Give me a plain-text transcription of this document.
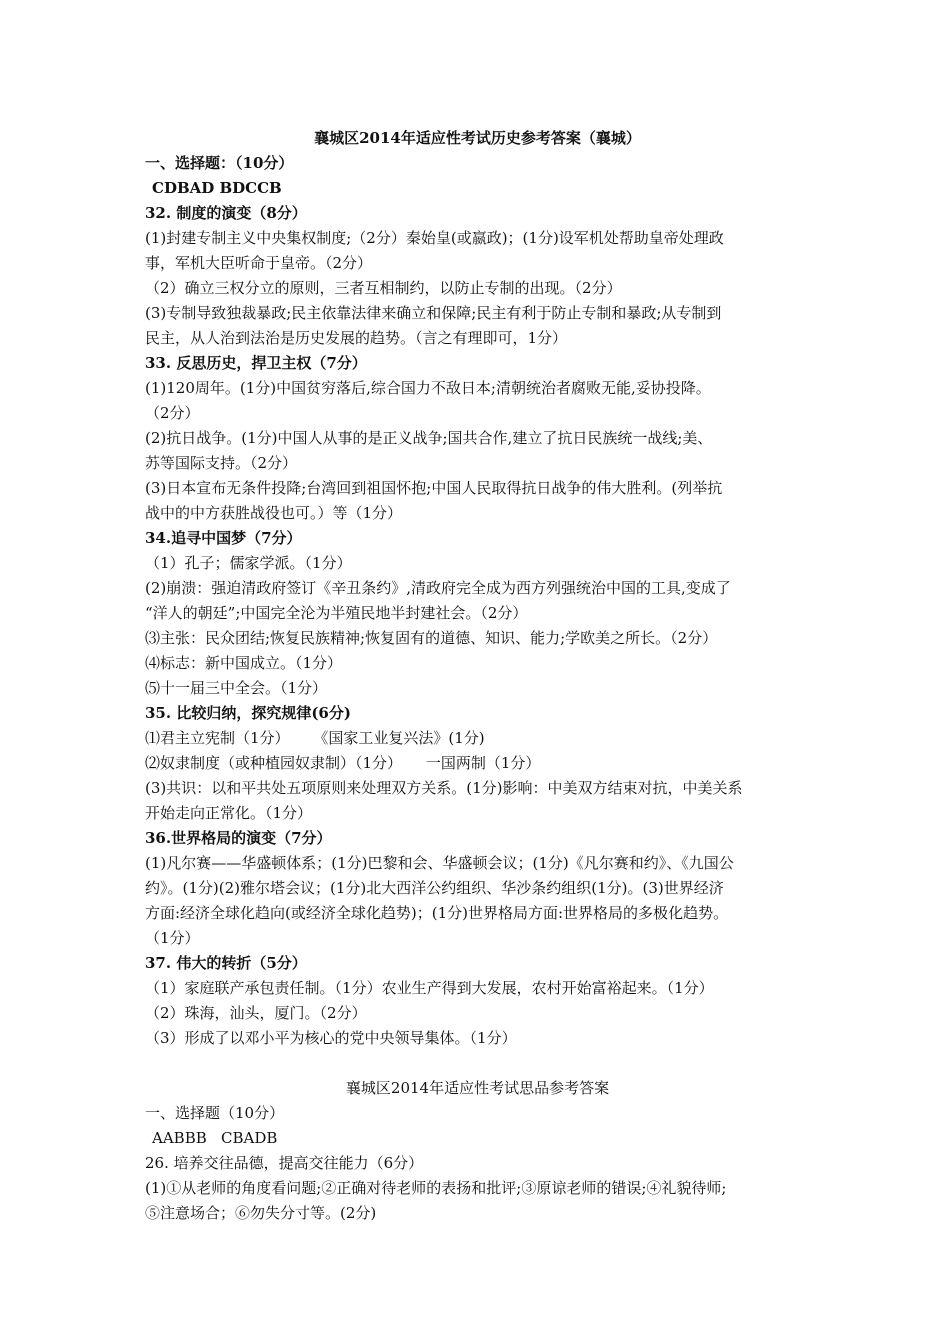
襄城区2014年适应性考试历史参考答案（襄城）
一、选择题：（10分）
CDBAD BDCCB
32. 制度的演变（8分）
(1)封建专制主义中央集权制度;（2分）秦始皇(或嬴政)；(1分)设军机处帮助皇帝处理政
事，军机大臣听命于皇帝。（2分）
（2）确立三权分立的原则，三者互相制约，以防止专制的出现。（2分）
(3)专制导致独裁暴政;民主依靠法律来确立和保障;民主有利于防止专制和暴政;从专制到
民主，从人治到法治是历史发展的趋势。（言之有理即可，1分）
33. 反思历史，捍卫主权（7分）
(1)120周年。(1分)中国贫穷落后,综合国力不敌日本;清朝统治者腐败无能,妥协投降。
（2分）
(2)抗日战争。(1分)中国人从事的是正义战争;国共合作,建立了抗日民族统一战线;美、
苏等国际支持。（2分）
(3)日本宣布无条件投降;台湾回到祖国怀抱;中国人民取得抗日战争的伟大胜利。(列举抗
战中的中方获胜战役也可。）等（1分）
34.追寻中国梦（7分）
（1）孔子；儒家学派。（1分）
(2)崩溃：强迫清政府签订《辛丑条约》,清政府完全成为西方列强统治中国的工具,变成了
“洋人的朝廷”;中国完全沦为半殖民地半封建社会。（2分）
⑶主张：民众团结;恢复民族精神;恢复固有的道德、知识、能力;学欧美之所长。（2分）
⑷标志：新中国成立。（1分）
⑸十一届三中全会。（1分）
35. 比较归纳，探究规律(6分)
⑴君主立宪制（1分）     《国家工业复兴法》(1分)
⑵奴隶制度（或种植园奴隶制）（1分）     一国两制（1分）
(3)共识：以和平共处五项原则来处理双方关系。(1分)影响：中美双方结束对抗，中美关系
开始走向正常化。（1分）
36.世界格局的演变（7分）
(1)凡尔赛——华盛顿体系；(1分)巴黎和会、华盛顿会议；(1分)《凡尔赛和约》、《九国公
约》。(1分)(2)雅尔塔会议；(1分)北大西洋公约组织、华沙条约组织(1分)。(3)世界经济
方面:经济全球化趋向(或经济全球化趋势)；(1分)世界格局方面:世界格局的多极化趋势。
（1分）
37. 伟大的转折（5分）
（1）家庭联产承包责任制。（1分）农业生产得到大发展，农村开始富裕起来。（1分）
（2）珠海，汕头，厦门。（2分）
（3）形成了以邓小平为核心的党中央领导集体。（1分）
襄城区2014年适应性考试思品参考答案
一、选择题（10分）
AABBB   CBADB
26. 培养交往品德，提高交往能力（6分）
(1)①从老师的角度看问题;②正确对待老师的表扬和批评;③原谅老师的错误;④礼貌待师;
⑤注意场合；⑥勿失分寸等。(2分)
